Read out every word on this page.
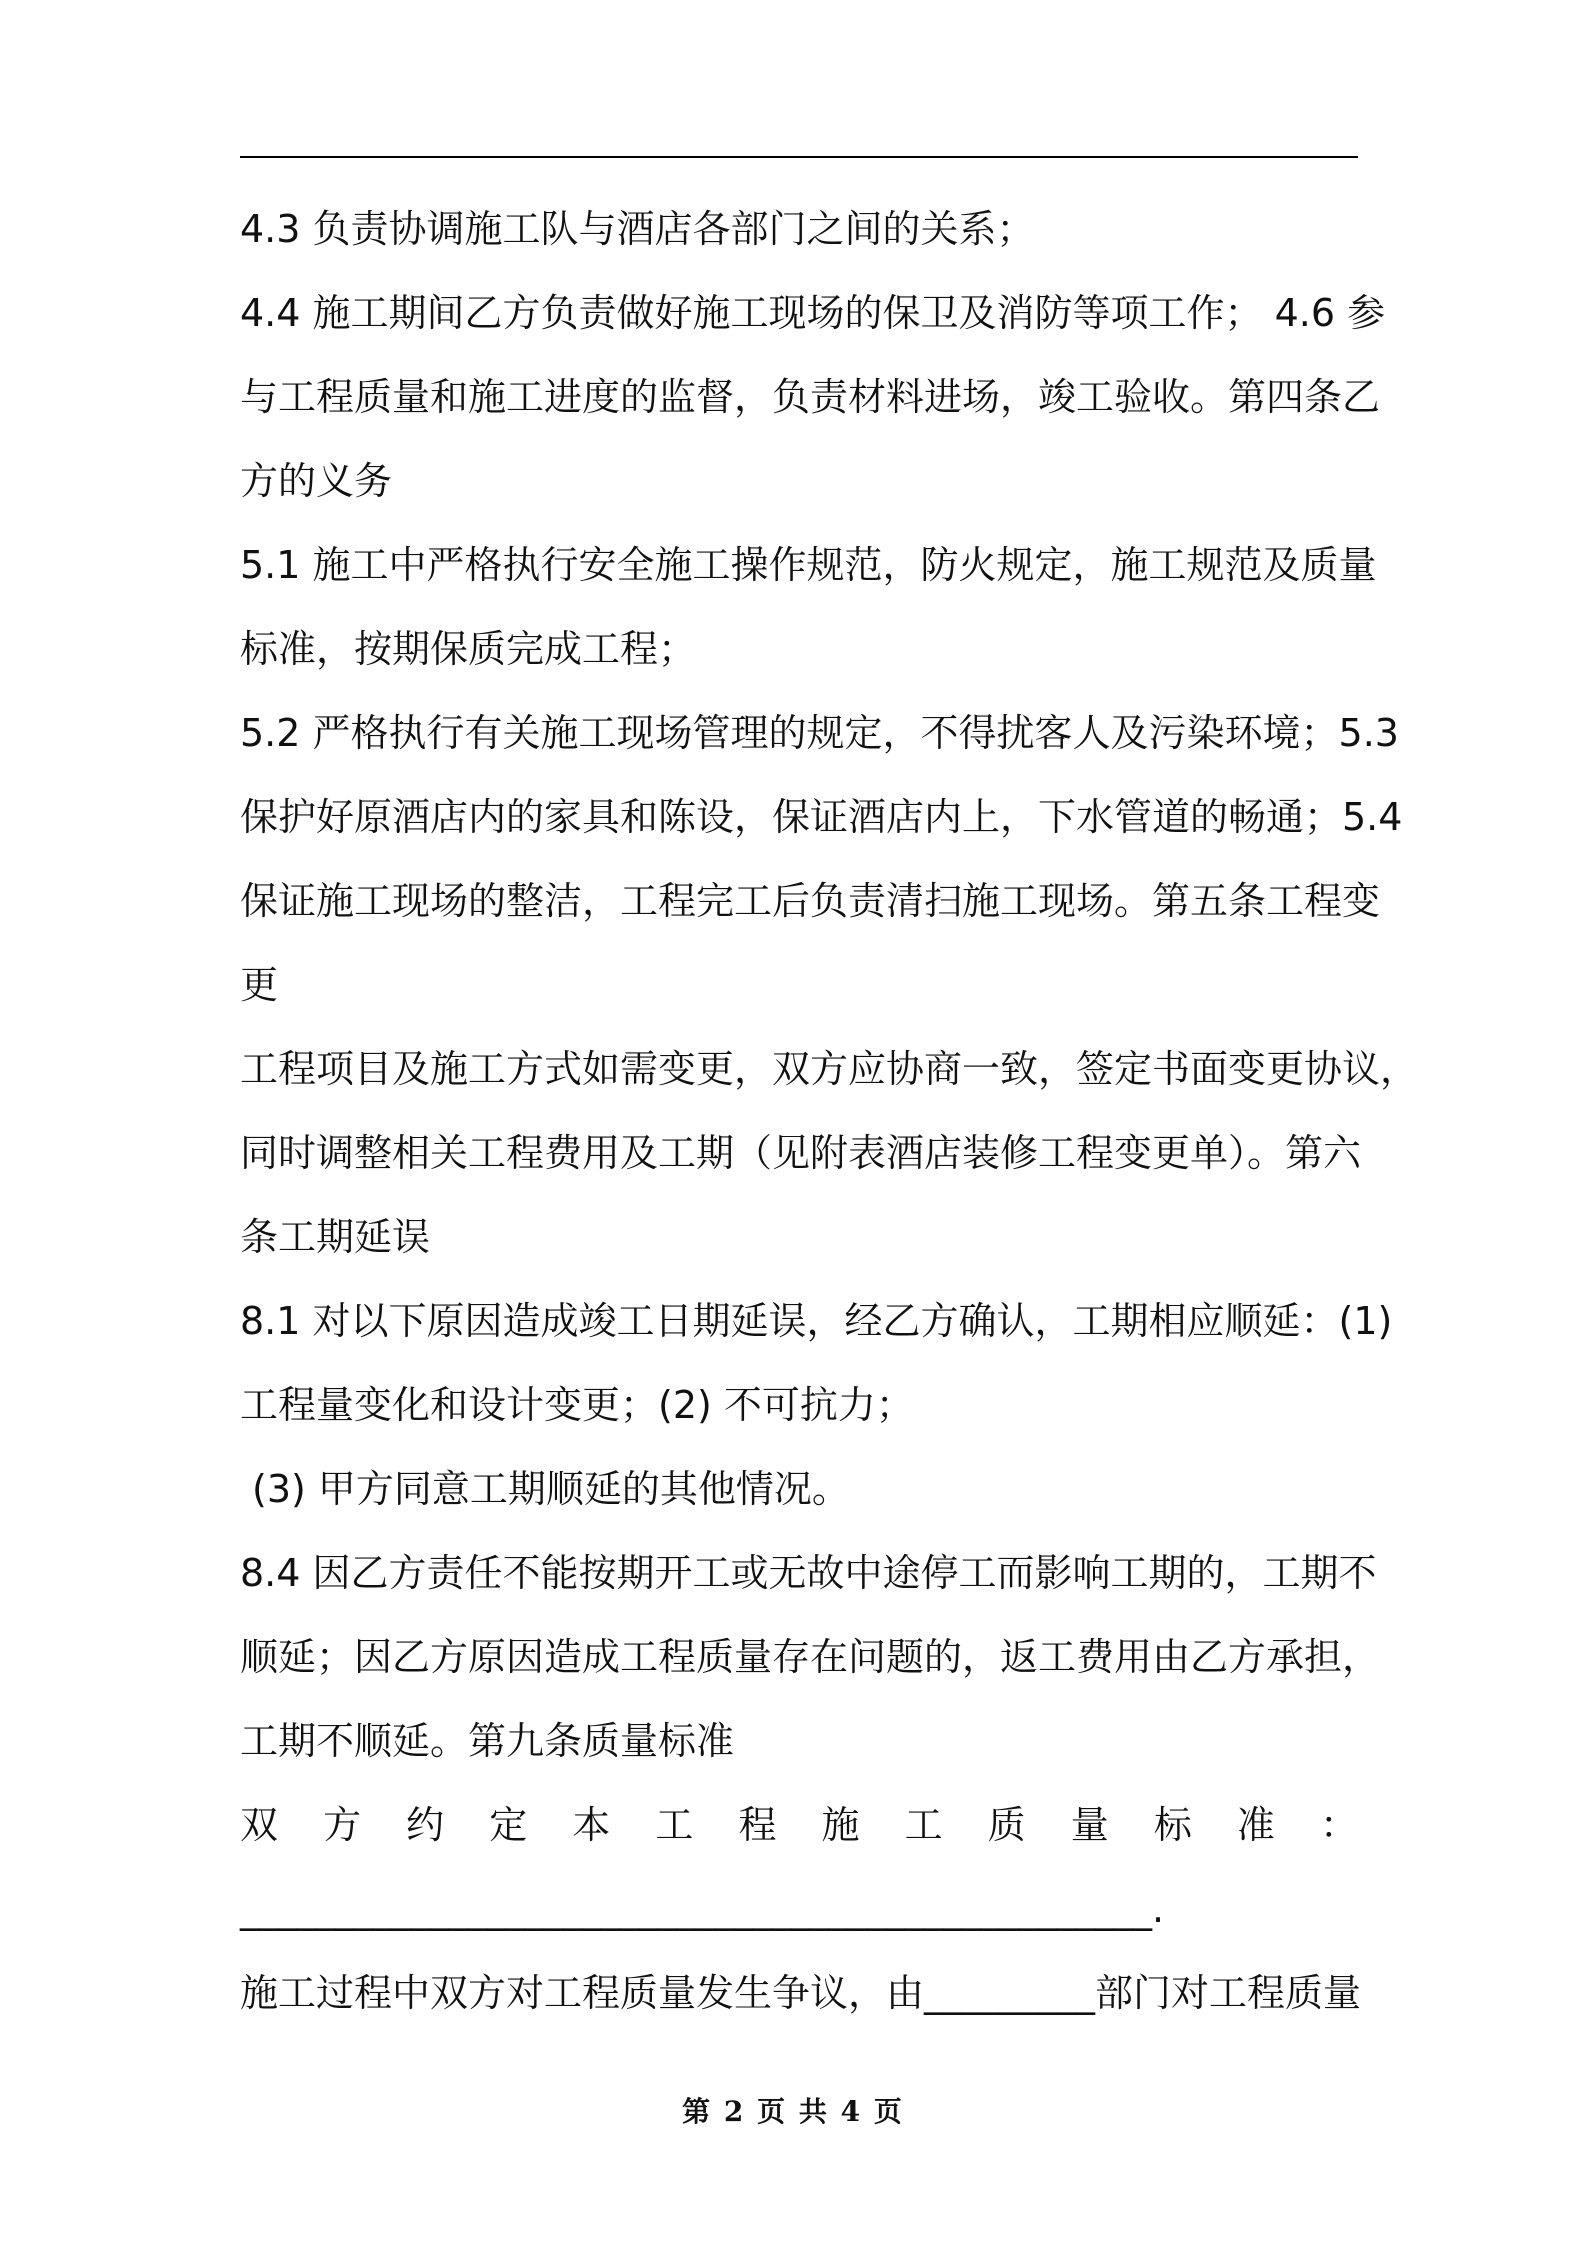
4.3 负责协调施工队与酒店各部门之间的关系；
4.4 施工期间乙方负责做好施工现场的保卫及消防等项工作； 4.6 参
与工程质量和施工进度的监督，负责材料进场，竣工验收。第四条乙
方的义务
5.1 施工中严格执行安全施工操作规范，防火规定，施工规范及质量
标准，按期保质完成工程；
5.2 严格执行有关施工现场管理的规定，不得扰客人及污染环境；5.3
保护好原酒店内的家具和陈设，保证酒店内上，下水管道的畅通；5.4
保证施工现场的整洁，工程完工后负责清扫施工现场。第五条工程变
更
工程项目及施工方式如需变更，双方应协商一致，签定书面变更协议，
同时调整相关工程费用及工期（见附表酒店装修工程变更单）。第六
条工期延误
8.1 对以下原因造成竣工日期延误，经乙方确认，工期相应顺延：(1)
工程量变化和设计变更；(2) 不可抗力；
(3) 甲方同意工期顺延的其他情况。
8.4 因乙方责任不能按期开工或无故中途停工而影响工期的，工期不
顺延；因乙方原因造成工程质量存在问题的，返工费用由乙方承担，
工期不顺延。第九条质量标准
双方约定本工程施工质量标准：
________________________________________________.
施工过程中双方对工程质量发生争议，由_________部门对工程质量
第 2 页 共 4 页
